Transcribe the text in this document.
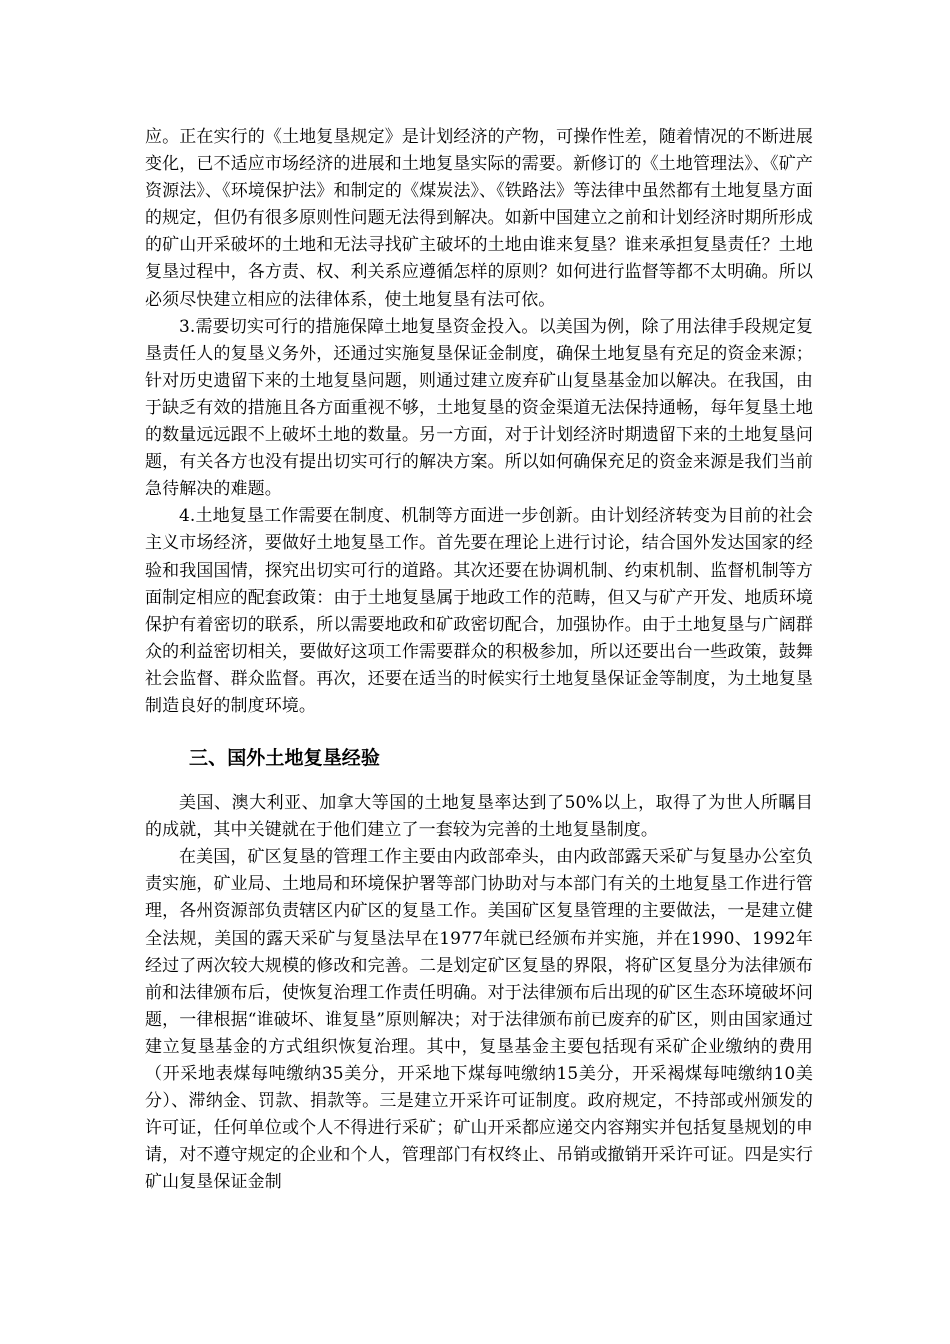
应。正在实行的《土地复垦规定》是计划经济的产物，可操作性差，随着情况的不断进展变化，已不适应市场经济的进展和土地复垦实际的需要。新修订的《土地管理法》、《矿产资源法》、《环境保护法》和制定的《煤炭法》、《铁路法》等法律中虽然都有土地复垦方面的规定，但仍有很多原则性问题无法得到解决。如新中国建立之前和计划经济时期所形成的矿山开采破坏的土地和无法寻找矿主破坏的土地由谁来复垦？谁来承担复垦责任？土地复垦过程中，各方责、权、利关系应遵循怎样的原则？如何进行监督等都不太明确。所以必须尽快建立相应的法律体系，使土地复垦有法可依。

3.需要切实可行的措施保障土地复垦资金投入。以美国为例，除了用法律手段规定复垦责任人的复垦义务外，还通过实施复垦保证金制度，确保土地复垦有充足的资金来源；针对历史遗留下来的土地复垦问题，则通过建立废弃矿山复垦基金加以解决。在我国，由于缺乏有效的措施且各方面重视不够，土地复垦的资金渠道无法保持通畅，每年复垦土地的数量远远跟不上破坏土地的数量。另一方面，对于计划经济时期遗留下来的土地复垦问题，有关各方也没有提出切实可行的解决方案。所以如何确保充足的资金来源是我们当前急待解决的难题。

4.土地复垦工作需要在制度、机制等方面进一步创新。由计划经济转变为目前的社会主义市场经济，要做好土地复垦工作。首先要在理论上进行讨论，结合国外发达国家的经验和我国国情，探究出切实可行的道路。其次还要在协调机制、约束机制、监督机制等方面制定相应的配套政策：由于土地复垦属于地政工作的范畴，但又与矿产开发、地质环境保护有着密切的联系，所以需要地政和矿政密切配合，加强协作。由于土地复垦与广阔群众的利益密切相关，要做好这项工作需要群众的积极参加，所以还要出台一些政策，鼓舞社会监督、群众监督。再次，还要在适当的时候实行土地复垦保证金等制度，为土地复垦制造良好的制度环境。

三、国外土地复垦经验

美国、澳大利亚、加拿大等国的土地复垦率达到了50%以上，取得了为世人所瞩目的成就，其中关键就在于他们建立了一套较为完善的土地复垦制度。

在美国，矿区复垦的管理工作主要由内政部牵头，由内政部露天采矿与复垦办公室负责实施，矿业局、土地局和环境保护署等部门协助对与本部门有关的土地复垦工作进行管理，各州资源部负责辖区内矿区的复垦工作。美国矿区复垦管理的主要做法，一是建立健全法规，美国的露天采矿与复垦法早在1977年就已经颁布并实施，并在1990、1992年经过了两次较大规模的修改和完善。二是划定矿区复垦的界限，将矿区复垦分为法律颁布前和法律颁布后，使恢复治理工作责任明确。对于法律颁布后出现的矿区生态环境破坏问题，一律根据“谁破坏、谁复垦”原则解决；对于法律颁布前已废弃的矿区，则由国家通过建立复垦基金的方式组织恢复治理。其中，复垦基金主要包括现有采矿企业缴纳的费用（开采地表煤每吨缴纳35美分，开采地下煤每吨缴纳15美分，开采褐煤每吨缴纳10美分）、滞纳金、罚款、捐款等。三是建立开采许可证制度。政府规定，不持部或州颁发的许可证，任何单位或个人不得进行采矿；矿山开采都应递交内容翔实并包括复垦规划的申请，对不遵守规定的企业和个人，管理部门有权终止、吊销或撤销开采许可证。四是实行矿山复垦保证金制
